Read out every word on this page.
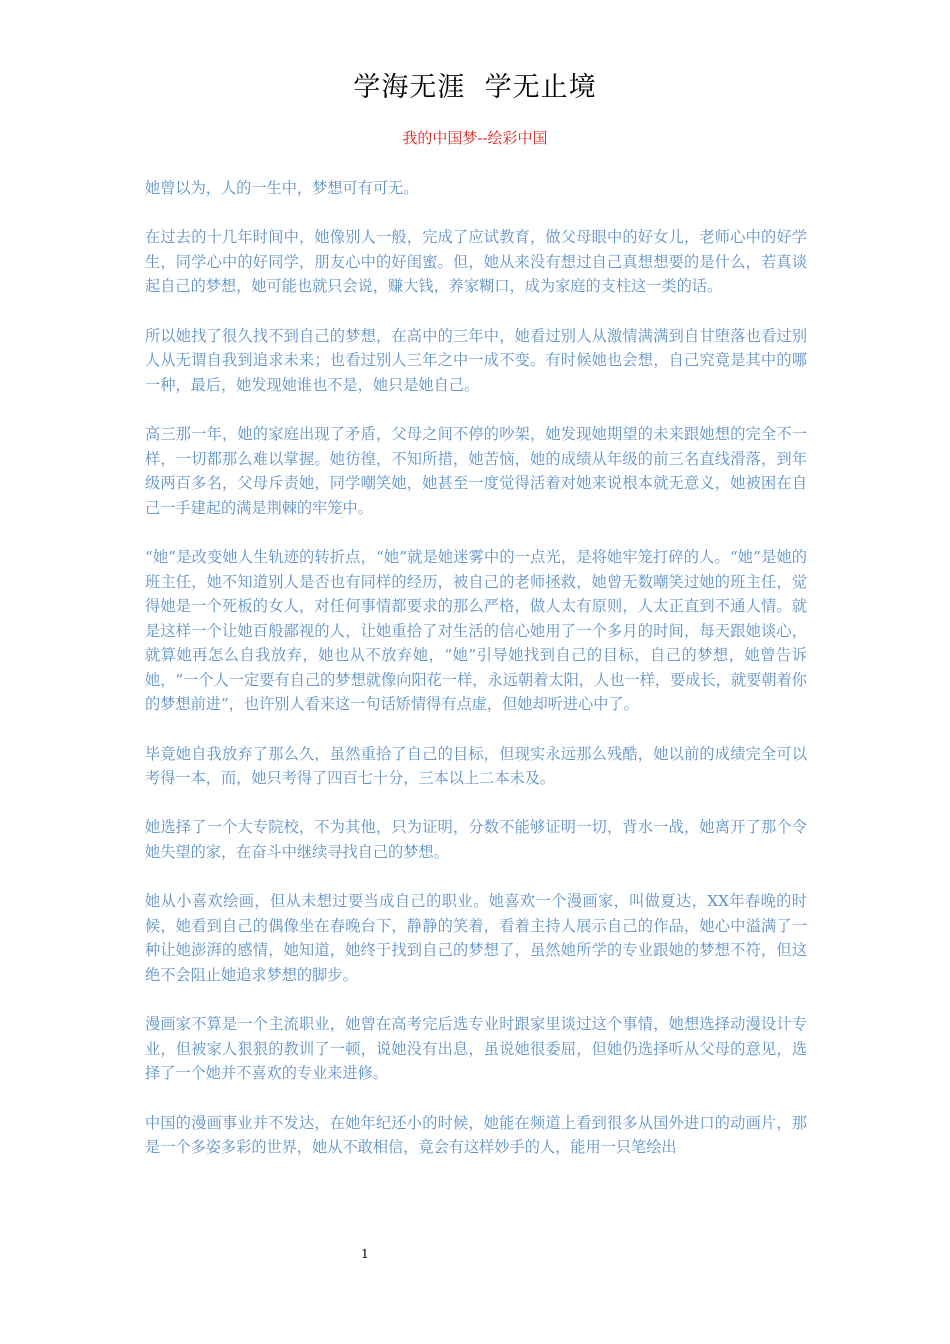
学海无涯  学无止境
我的中国梦--绘彩中国

她曾以为，人的一生中，梦想可有可无。

在过去的十几年时间中，她像别人一般，完成了应试教育，做父母眼中的好女儿，老师心中的好学生，同学心中的好同学，朋友心中的好闺蜜。但，她从来没有想过自己真想想要的是什么，若真谈起自己的梦想，她可能也就只会说，赚大钱，养家糊口，成为家庭的支柱这一类的话。

所以她找了很久找不到自己的梦想，在高中的三年中，她看过别人从激情满满到自甘堕落也看过别人从无谓自我到追求未来；也看过别人三年之中一成不变。有时候她也会想，自己究竟是其中的哪一种，最后，她发现她谁也不是，她只是她自己。

高三那一年，她的家庭出现了矛盾，父母之间不停的吵架，她发现她期望的未来跟她想的完全不一样，一切都那么难以掌握。她彷徨，不知所措，她苦恼，她的成绩从年级的前三名直线滑落，到年级两百多名，父母斥责她，同学嘲笑她，她甚至一度觉得活着对她来说根本就无意义，她被困在自己一手建起的满是荆棘的牢笼中。

“她”是改变她人生轨迹的转折点，“她”就是她迷雾中的一点光，是将她牢笼打碎的人。“她”是她的班主任，她不知道别人是否也有同样的经历，被自己的老师拯救，她曾无数嘲笑过她的班主任，觉得她是一个死板的女人，对任何事情都要求的那么严格，做人太有原则，人太正直到不通人情。就是这样一个让她百般鄙视的人，让她重拾了对生活的信心她用了一个多月的时间，每天跟她谈心，就算她再怎么自我放弃，她也从不放弃她，“她”引导她找到自己的目标，自己的梦想，她曾告诉她，“一个人一定要有自己的梦想就像向阳花一样，永远朝着太阳，人也一样，要成长，就要朝着你的梦想前进”，也许别人看来这一句话矫情得有点虚，但她却听进心中了。

毕竟她自我放弃了那么久，虽然重拾了自己的目标，但现实永远那么残酷，她以前的成绩完全可以考得一本，而，她只考得了四百七十分，三本以上二本未及。

她选择了一个大专院校，不为其他，只为证明，分数不能够证明一切，背水一战，她离开了那个令她失望的家，在奋斗中继续寻找自己的梦想。

她从小喜欢绘画，但从未想过要当成自己的职业。她喜欢一个漫画家，叫做夏达，XX年春晚的时候，她看到自己的偶像坐在春晚台下，静静的笑着，看着主持人展示自己的作品，她心中溢满了一种让她澎湃的感情，她知道，她终于找到自己的梦想了，虽然她所学的专业跟她的梦想不符，但这绝不会阻止她追求梦想的脚步。

漫画家不算是一个主流职业，她曾在高考完后选专业时跟家里谈过这个事情，她想选择动漫设计专业，但被家人狠狠的教训了一顿，说她没有出息，虽说她很委屈，但她仍选择听从父母的意见，选择了一个她并不喜欢的专业来进修。

中国的漫画事业并不发达，在她年纪还小的时候，她能在频道上看到很多从国外进口的动画片，那是一个多姿多彩的世界，她从不敢相信，竟会有这样妙手的人，能用一只笔绘出

1
